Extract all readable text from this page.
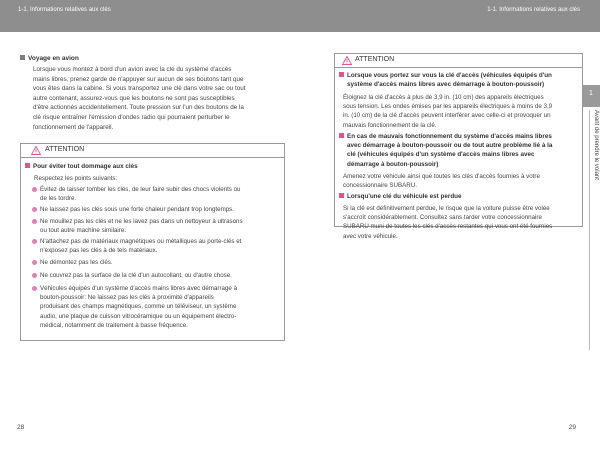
1-1. Informations relatives aux clés
Voyage en avion
Lorsque vous montez à bord d'un avion avec la clé du système d'accès
mains libres, prenez garde de n'appuyer sur aucun de ses boutons tant que
vous êtes dans la cabine. Si vous transportez une clé dans votre sac ou tout
autre contenant, assurez-vous que les boutons ne sont pas susceptibles
d'être actionnés accidentellement. Toute pression sur l'un des boutons de la
clé risque entraîner l'émission d'ondes radio qui pourraient perturber le
fonctionnement de l'appareil.
ATTENTION
Pour éviter tout dommage aux clés
Respectez les points suivants:
Évitez de laisser tomber les clés, de leur faire subir des chocs violents ou
de les tordre.
Ne laissez pas les clés sous une forte chaleur pendant trop longtemps.
Ne mouillez pas les clés et ne les lavez pas dans un nettoyeur à ultrasons
ou tout autre machine similaire.
N'attachez pas de matériaux magnétiques ou métalliques au porte-clés et
n'exposez pas les clés à de tels matériaux.
Ne démontez pas les clés.
Ne couvrez pas la surface de la clé d'un autocollant, ou d'autre chose.
Véhicules équipés d'un système d'accès mains libres avec démarrage à
bouton-poussoir: Ne laissez pas les clés à proximité d'appareils
produisant des champs magnétiques, comme un téléviseur, un système
audio, une plaque de cuisson vitrocéramique ou un équipement électro-
médical, notamment de traitement à basse fréquence.
28
1-1. Informations relatives aux clés
ATTENTION
Lorsque vous portez sur vous la clé d'accès (véhicules équipés d'un
système d'accès mains libres avec démarrage à bouton-poussoir)
Éloignez la clé d'accès à plus de 3,9 in. (10 cm) des appareils électriques
sous tension. Les ondes émises par les appareils électriques à moins de 3,9
in. (10 cm) de la clé d'accès peuvent interférer avec celle-ci et provoquer un
mauvais fonctionnement de la clé.
En cas de mauvais fonctionnement du système d'accès mains libres
avec démarrage à bouton-poussoir ou de tout autre problème lié à la
clé (véhicules équipés d'un système d'accès mains libres avec
démarrage à bouton-poussoir)
Amenez votre véhicule ainsi que toutes les clés d'accès fournies à votre
concessionnaire SUBARU.
Lorsqu'une clé du véhicule est perdue
Si la clé est définitivement perdue, le risque que la voiture puisse être volée
s'accroît considérablement. Consultez sans tarder votre concessionnaire
SUBARU muni de toutes les clés d'accès restantes qui vous ont été fournies
avec votre véhicule.
29
1
Avant de prendre le volant
